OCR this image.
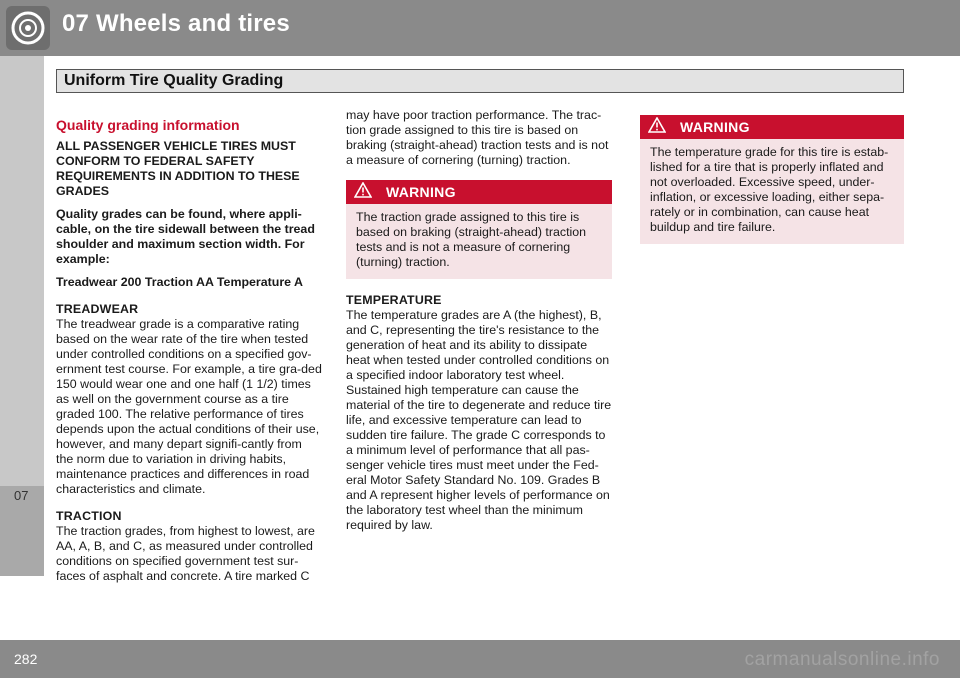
07 Wheels and tires
07
Uniform Tire Quality Grading
Quality grading information

ALL PASSENGER VEHICLE TIRES MUST CONFORM TO FEDERAL SAFETY REQUIREMENTS IN ADDITION TO THESE GRADES

Quality grades can be found, where appli-cable, on the tire sidewall between the tread shoulder and maximum section width. For example:

Treadwear 200 Traction AA Temperature A

TREADWEAR

The treadwear grade is a comparative rating based on the wear rate of the tire when tested under controlled conditions on a specified gov-ernment test course. For example, a tire gra-ded 150 would wear one and one half (1 1/2) times as well on the government course as a tire graded 100. The relative performance of tires depends upon the actual conditions of their use, however, and many depart signifi-cantly from the norm due to variation in driving habits, maintenance practices and differences in road characteristics and climate.

TRACTION

The traction grades, from highest to lowest, are AA, A, B, and C, as measured under controlled conditions on specified government test sur-faces of asphalt and concrete. A tire marked C

may have poor traction performance. The trac-tion grade assigned to this tire is based on braking (straight-ahead) traction tests and is not a measure of cornering (turning) traction.

WARNING
The traction grade assigned to this tire is based on braking (straight-ahead) traction tests and is not a measure of cornering (turning) traction.
TEMPERATURE

The temperature grades are A (the highest), B, and C, representing the tire's resistance to the generation of heat and its ability to dissipate heat when tested under controlled conditions on a specified indoor laboratory test wheel. Sustained high temperature can cause the material of the tire to degenerate and reduce tire life, and excessive temperature can lead to sudden tire failure. The grade C corresponds to a minimum level of performance that all pas-senger vehicle tires must meet under the Fed-eral Motor Safety Standard No. 109. Grades B and A represent higher levels of performance on the laboratory test wheel than the minimum required by law.

WARNING
The temperature grade for this tire is estab-lished for a tire that is properly inflated and not overloaded. Excessive speed, under-inflation, or excessive loading, either sepa-rately or in combination, can cause heat buildup and tire failure.
282	carmanualsonline.info
